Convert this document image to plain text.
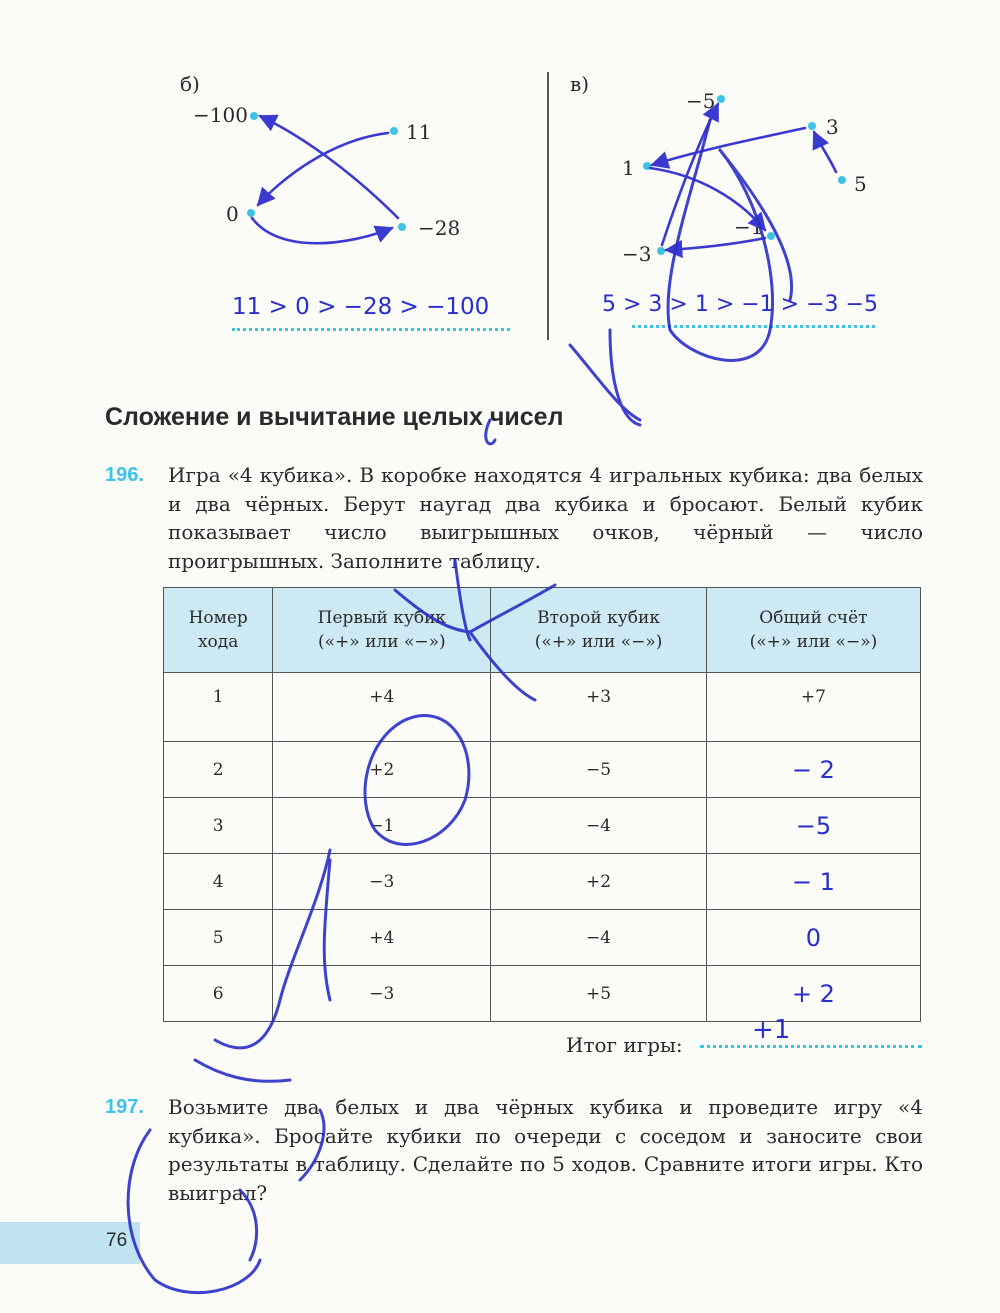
б)
−100
11
0
−28
11 > 0 > −28 > −100
в)
−5
3
1
5
−1
−3
5 > 3 > 1 > −1 > −3 −5
Сложение и вычитание целых чисел
196. Игра «4 кубика». В коробке находятся 4 игральных кубика: два белых и два чёрных. Берут наугад два кубика и бросают. Белый кубик показывает число выигрышных очков, чёрный — число проигрышных. Заполните таблицу.
Номер хода	Первый кубик («+» или «−»)	Второй кубик («+» или «−»)	Общий счёт («+» или «−»)
1	+4	+3	+7
2	+2	−5	− 2
3	−1	−4	−5
4	−3	+2	− 1
5	+4	−4	0
6	−3	+5	+ 2
Итог игры:	+1
197. Возьмите два белых и два чёрных кубика и проведите игру «4 кубика». Бросайте кубики по очереди с соседом и заносите свои результаты в таблицу. Сделайте по 5 ходов. Сравните итоги игры. Кто выиграл?
76
